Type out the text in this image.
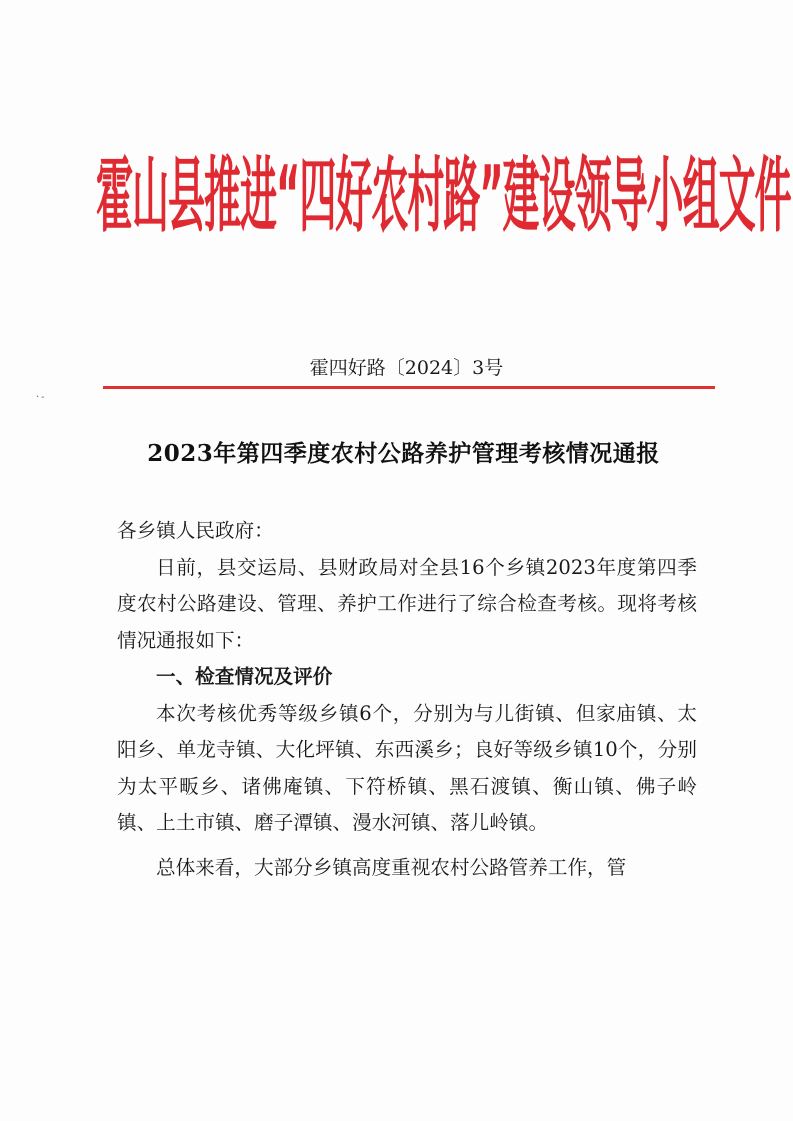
霍山县推进“四好农村路”建设领导小组文件
霍四好路〔2024〕3号
·-
2023年第四季度农村公路养护管理考核情况通报

各乡镇人民政府：

日前，县交运局、县财政局对全县16个乡镇2023年度第四季度农村公路建设、管理、养护工作进行了综合检查考核。现将考核情况通报如下：

一、检查情况及评价

本次考核优秀等级乡镇6个，分别为与儿街镇、但家庙镇、太阳乡、单龙寺镇、大化坪镇、东西溪乡；良好等级乡镇10个，分别为太平畈乡、诸佛庵镇、下符桥镇、黑石渡镇、衡山镇、佛子岭镇、上土市镇、磨子潭镇、漫水河镇、落儿岭镇。

总体来看，大部分乡镇高度重视农村公路管养工作，管
